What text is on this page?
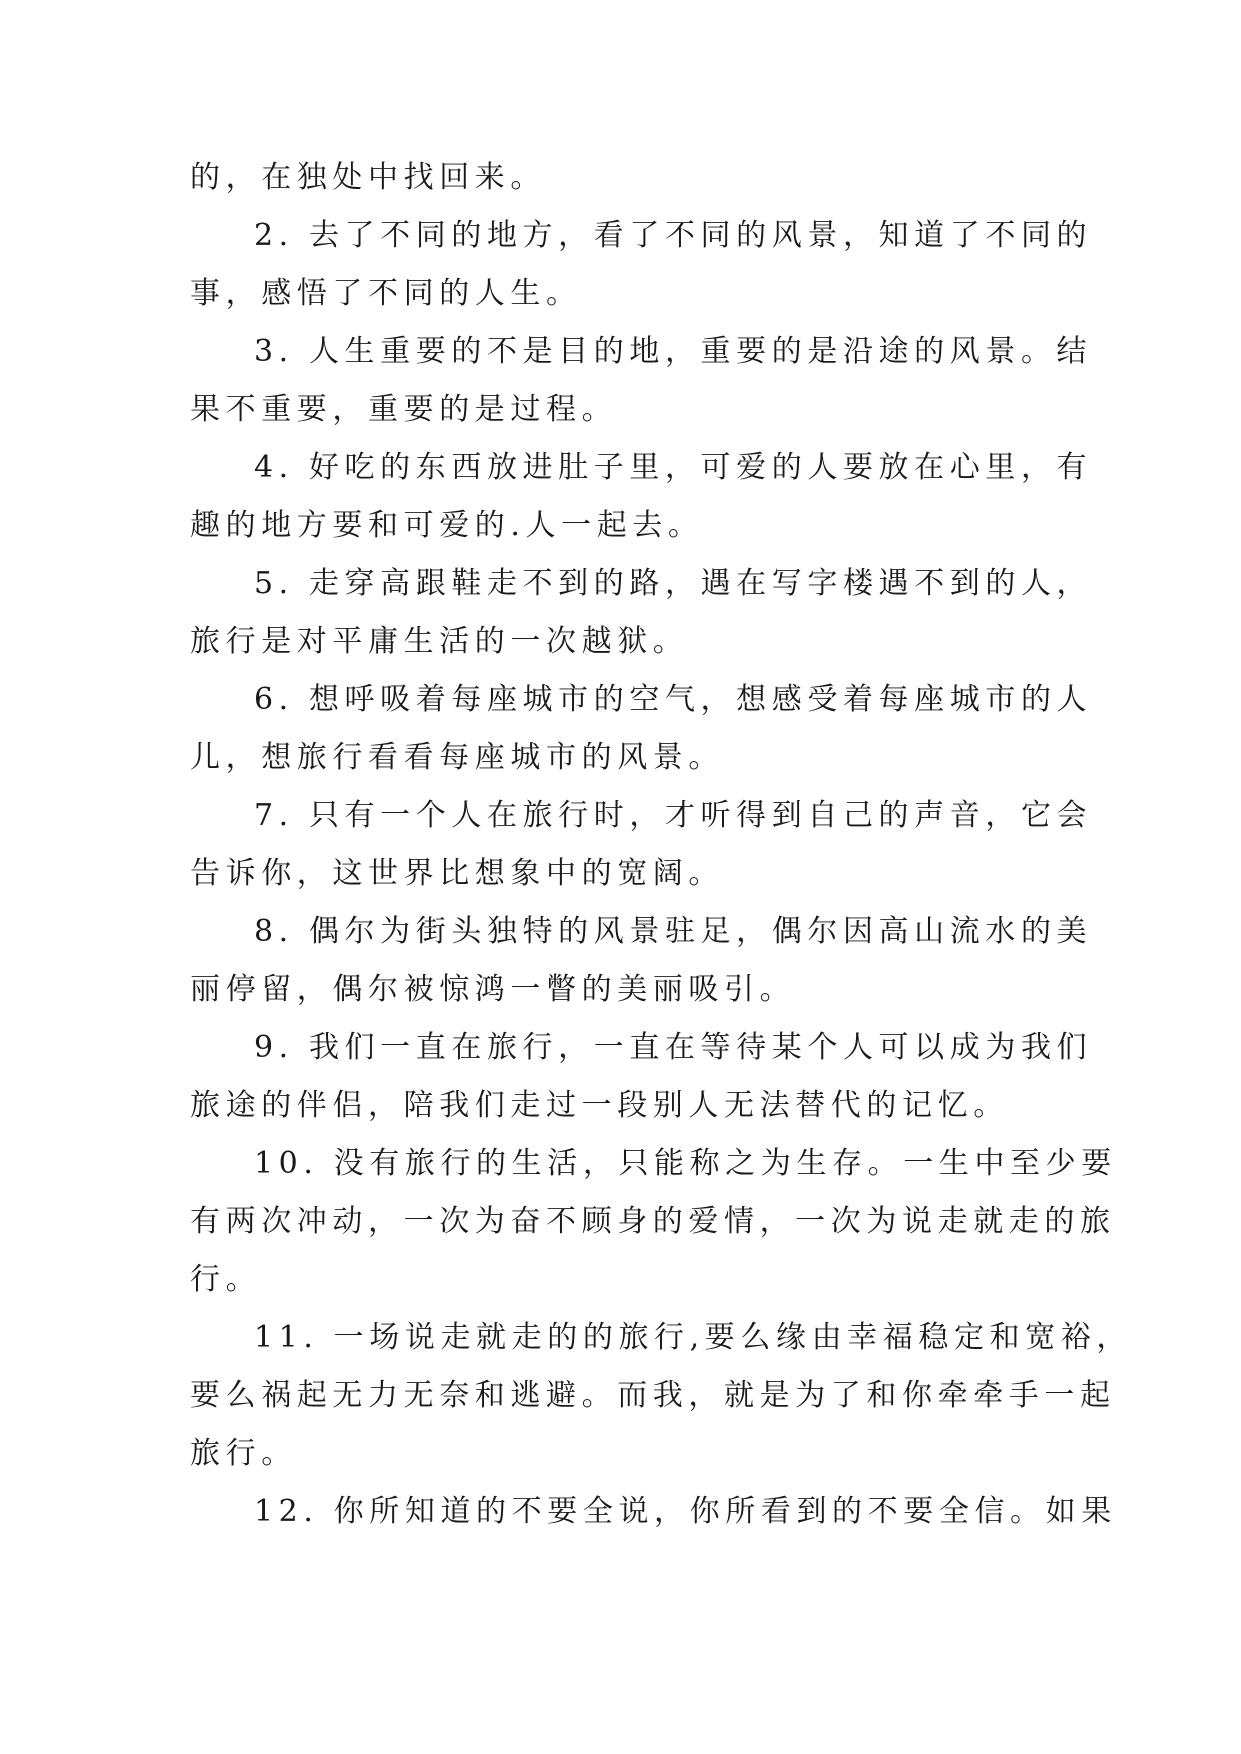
的，在独处中找回来。

2. 去了不同的地方，看了不同的风景，知道了不同的

事，感悟了不同的人生。

3. 人生重要的不是目的地，重要的是沿途的风景。结

果不重要，重要的是过程。

4. 好吃的东西放进肚子里，可爱的人要放在心里，有

趣的地方要和可爱的.人一起去。

5. 走穿高跟鞋走不到的路，遇在写字楼遇不到的人，

旅行是对平庸生活的一次越狱。

6. 想呼吸着每座城市的空气，想感受着每座城市的人

儿，想旅行看看每座城市的风景。

7. 只有一个人在旅行时，才听得到自己的声音，它会

告诉你，这世界比想象中的宽阔。

8. 偶尔为街头独特的风景驻足，偶尔因高山流水的美

丽停留，偶尔被惊鸿一瞥的美丽吸引。

9. 我们一直在旅行，一直在等待某个人可以成为我们

旅途的伴侣，陪我们走过一段别人无法替代的记忆。

10. 没有旅行的生活，只能称之为生存。一生中至少要

有两次冲动，一次为奋不顾身的爱情，一次为说走就走的旅

行。

11. 一场说走就走的的旅行,要么缘由幸福稳定和宽裕，

要么祸起无力无奈和逃避。而我，就是为了和你牵牵手一起

旅行。

12. 你所知道的不要全说，你所看到的不要全信。如果
